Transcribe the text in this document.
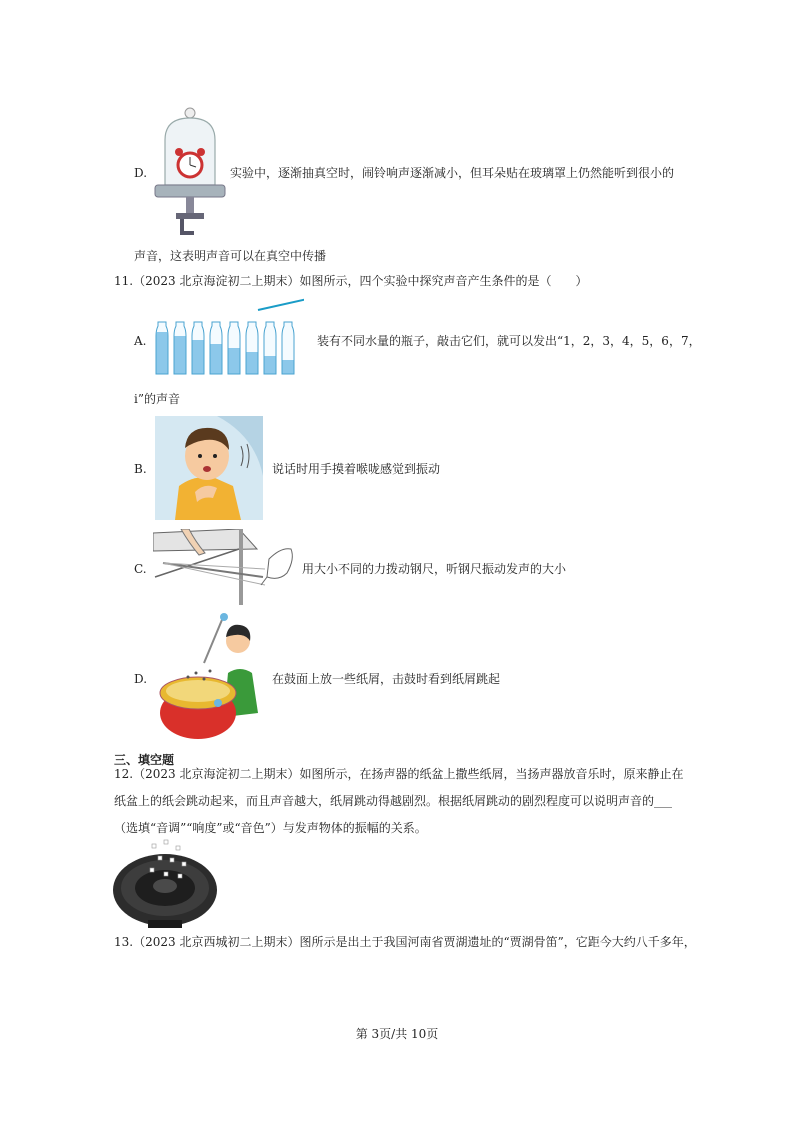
D.	实验中，逐渐抽真空时，闹铃响声逐渐减小，但耳朵贴在玻璃罩上仍然能听到很小的
声音，这表明声音可以在真空中传播
11.（2023 北京海淀初二上期末）如图所示，四个实验中探究声音产生条件的是（　　）
A.	装有不同水量的瓶子，敲击它们，就可以发出“1，2，3，4，5，6，7，
i”的声音
B.	说话时用手摸着喉咙感觉到振动
C.	用大小不同的力拨动钢尺，听钢尺振动发声的大小
D.	在鼓面上放一些纸屑，击鼓时看到纸屑跳起
三、填空题
12.（2023 北京海淀初二上期末）如图所示，在扬声器的纸盆上撒些纸屑，当扬声器放音乐时，原来静止在
纸盆上的纸会跳动起来，而且声音越大，纸屑跳动得越剧烈。根据纸屑跳动的剧烈程度可以说明声音的___
（选填“音调”“响度”或“音色”）与发声物体的振幅的关系。
13.（2023 北京西城初二上期末）图所示是出土于我国河南省贾湖遗址的“贾湖骨笛”，它距今大约八千多年，
第 3页/共 10页
